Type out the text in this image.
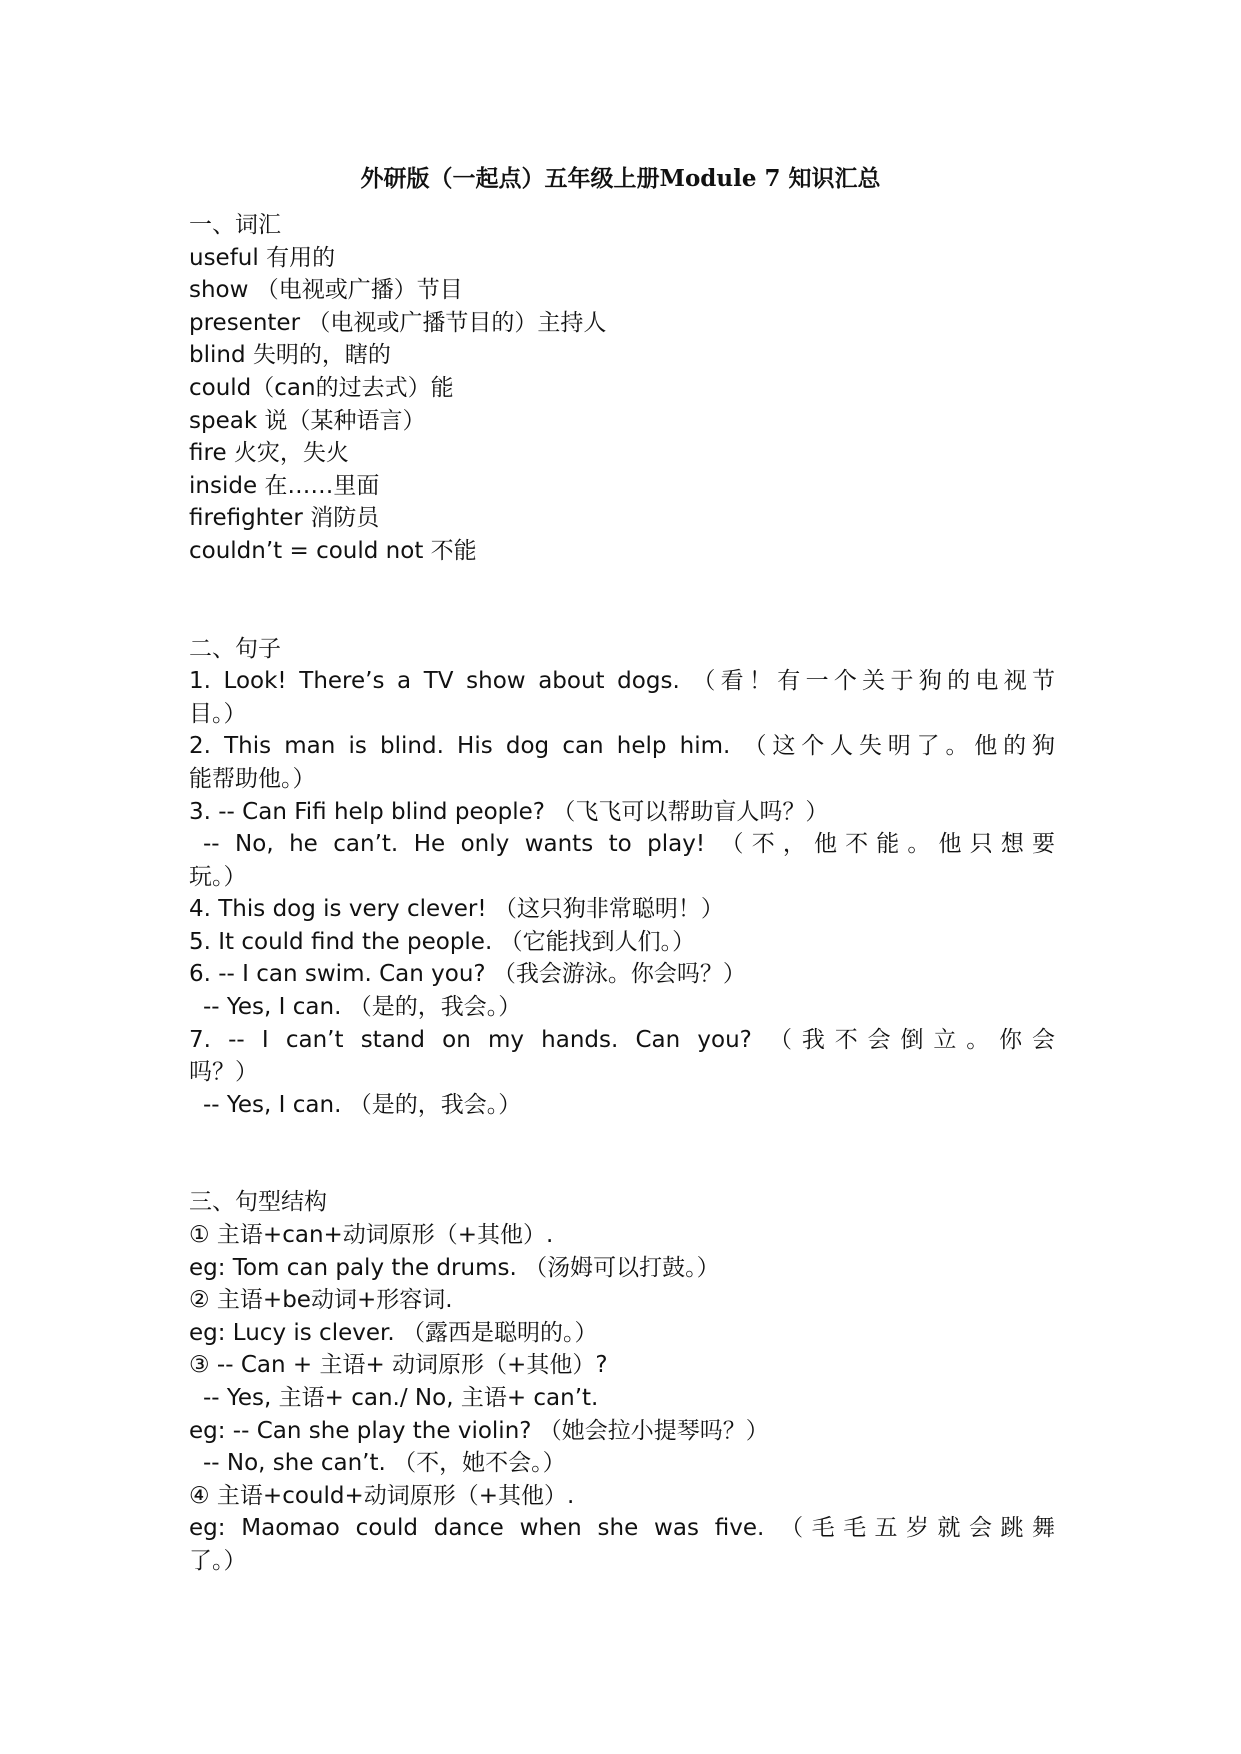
外研版（一起点）五年级上册Module 7 知识汇总
一、词汇
useful 有用的
show （电视或广播）节目
presenter （电视或广播节目的）主持人
blind 失明的，瞎的
could（can的过去式）能
speak 说（某种语言）
fire 火灾，失火
inside 在……里面
firefighter 消防员
couldn’t = could not 不能
二、句子
1. Look! There’s a TV show about dogs. （看！有一个关于狗的电视节
目。）
2. This man is blind. His dog can help him. （这个人失明了。他的狗
能帮助他。）
3. -- Can Fifi help blind people? （飞飞可以帮助盲人吗？）
-- No, he can’t. He only wants to play! （不，他不能。他只想要
玩。）
4. This dog is very clever! （这只狗非常聪明！）
5. It could find the people. （它能找到人们。）
6. -- I can swim. Can you? （我会游泳。你会吗？）
-- Yes, I can. （是的，我会。）
7. -- I can’t stand on my hands. Can you? （我不会倒立。你会
吗？）
-- Yes, I can. （是的，我会。）
三、句型结构
① 主语+can+动词原形（+其他）.
eg: Tom can paly the drums. （汤姆可以打鼓。）
② 主语+be动词+形容词.
eg: Lucy is clever. （露西是聪明的。）
③ -- Can + 主语+ 动词原形（+其他）?
-- Yes, 主语+ can./ No, 主语+ can’t.
eg: -- Can she play the violin? （她会拉小提琴吗？）
-- No, she can’t. （不，她不会。）
④ 主语+could+动词原形（+其他）.
eg: Maomao could dance when she was five. （毛毛五岁就会跳舞
了。）
